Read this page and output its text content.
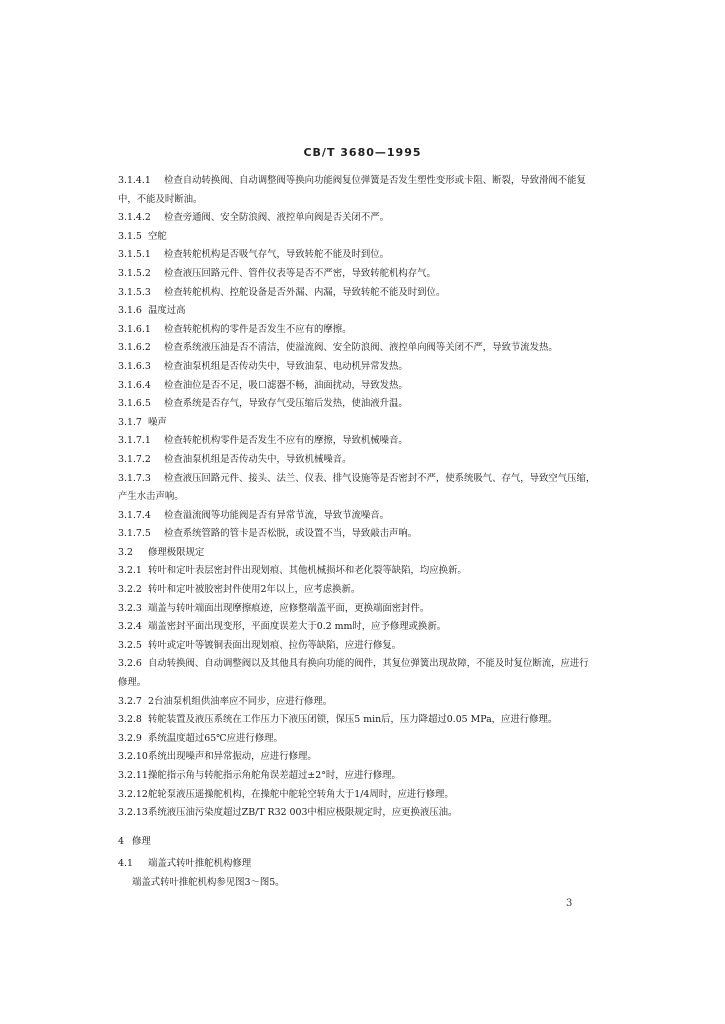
CB/T 3680—1995
3.1.4.1 检查自动转换阀、自动调整阀等换向功能阀复位弹簧是否发生塑性变形或卡阻、断裂，导致滑阀不能复中，不能及时断油。
3.1.4.2 检查旁通阀、安全防浪阀、液控单向阀是否关闭不严。
3.1.5 空舵
3.1.5.1 检查转舵机构是否吸气存气，导致转舵不能及时到位。
3.1.5.2 检查液压回路元件、管件仪表等是否不严密，导致转舵机构存气。
3.1.5.3 检查转舵机构、控舵设备是否外漏、内漏，导致转舵不能及时到位。
3.1.6 温度过高
3.1.6.1 检查转舵机构的零件是否发生不应有的摩擦。
3.1.6.2 检查系统液压油是否不清洁，使溢流阀、安全防浪阀、液控单向阀等关闭不严，导致节流发热。
3.1.6.3 检查油泵机组是否传动失中，导致油泵、电动机异常发热。
3.1.6.4 检查油位是否不足，吸口滤器不畅，油面扰动，导致发热。
3.1.6.5 检查系统是否存气，导致存气受压缩后发热，使油液升温。
3.1.7 噪声
3.1.7.1 检查转舵机构零件是否发生不应有的摩擦，导致机械噪音。
3.1.7.2 检查油泵机组是否传动失中，导致机械噪音。
3.1.7.3 检查液压回路元件、接头、法兰、仪表、排气设施等是否密封不严，使系统吸气、存气，导致空气压缩，产生水击声响。
3.1.7.4 检查溢流阀等功能阀是否有异常节流，导致节流噪音。
3.1.7.5 检查系统管路的管卡是否松脱，或设置不当，导致敲击声响。
3.2 修理极限规定
3.2.1 转叶和定叶表层密封件出现划痕、其他机械损坏和老化裂等缺陷，均应换新。
3.2.2 转叶和定叶被胶密封件使用2年以上，应考虑换新。
3.2.3 端盖与转叶端面出现摩擦痕迹，应修整端盖平面，更换端面密封件。
3.2.4 端盖密封平面出现变形，平面度误差大于0.2 mm时，应予修理或换新。
3.2.5 转叶或定叶等镀铜表面出现划痕、拉伤等缺陷，应进行修复。
3.2.6 自动转换阀、自动调整阀以及其他具有换向功能的阀件，其复位弹簧出现故障，不能及时复位断流，应进行修理。
3.2.7 2台油泵机组供油率应不同步，应进行修理。
3.2.8 转舵装置及液压系统在工作压力下液压闭锁，保压5 min后，压力降超过0.05 MPa，应进行修理。
3.2.9 系统温度超过65℃应进行修理。
3.2.10系统出现噪声和异常振动，应进行修理。
3.2.11操舵指示角与转舵指示角舵角误差超过±2°时，应进行修理。
3.2.12舵轮泵液压遥操舵机构，在操舵中舵轮空转角大于1/4周时，应进行修理。
3.2.13系统液压油污染度超过ZB/T R32 003中相应极限规定时，应更换液压油。
4 修理
4.1 端盖式转叶推舵机构修理
端盖式转叶推舵机构参见图3～图5。
3
